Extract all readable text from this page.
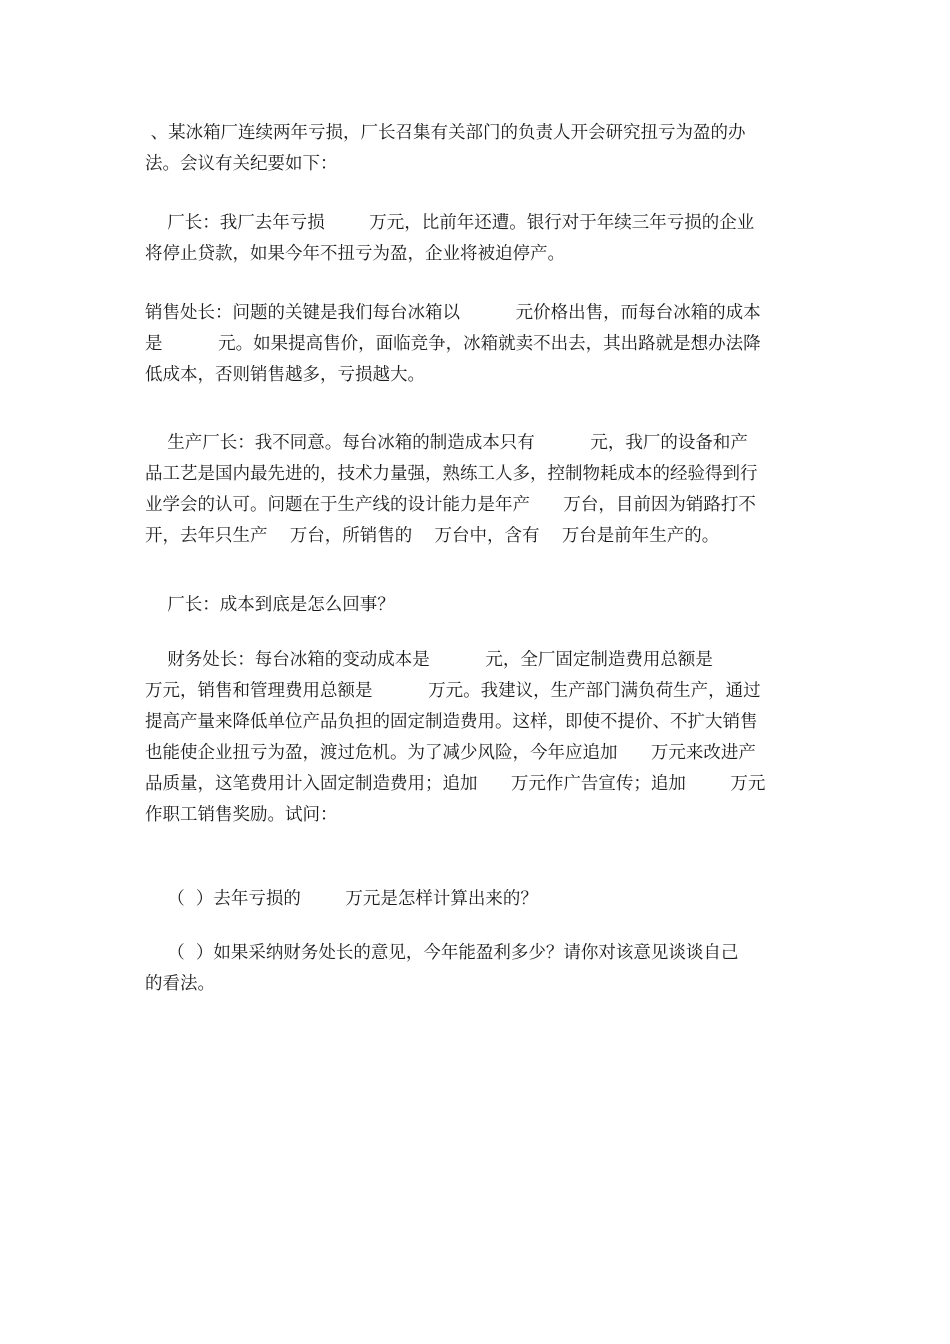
、某冰箱厂连续两年亏损，厂长召集有关部门的负责人开会研究扭亏为盈的办
法。会议有关纪要如下：
厂长：我厂去年亏损        万元，比前年还遭。银行对于年续三年亏损的企业
将停止贷款，如果今年不扭亏为盈，企业将被迫停产。
销售处长：问题的关键是我们每台冰箱以          元价格出售，而每台冰箱的成本
是          元。如果提高售价，面临竞争，冰箱就卖不出去，其出路就是想办法降
低成本，否则销售越多，亏损越大。
生产厂长：我不同意。每台冰箱的制造成本只有          元，我厂的设备和产
品工艺是国内最先进的，技术力量强，熟练工人多，控制物耗成本的经验得到行
业学会的认可。问题在于生产线的设计能力是年产      万台，目前因为销路打不
开，去年只生产    万台，所销售的    万台中，含有    万台是前年生产的。
厂长：成本到底是怎么回事？
财务处长：每台冰箱的变动成本是          元，全厂固定制造费用总额是
万元，销售和管理费用总额是          万元。我建议，生产部门满负荷生产，通过
提高产量来降低单位产品负担的固定制造费用。这样，即使不提价、不扩大销售
也能使企业扭亏为盈，渡过危机。为了减少风险，今年应追加      万元来改进产
品质量，这笔费用计入固定制造费用；追加      万元作广告宣传；追加        万元
作职工销售奖励。试问：
（  ）去年亏损的        万元是怎样计算出来的？
（  ）如果采纳财务处长的意见，今年能盈利多少？请你对该意见谈谈自己
的看法。
